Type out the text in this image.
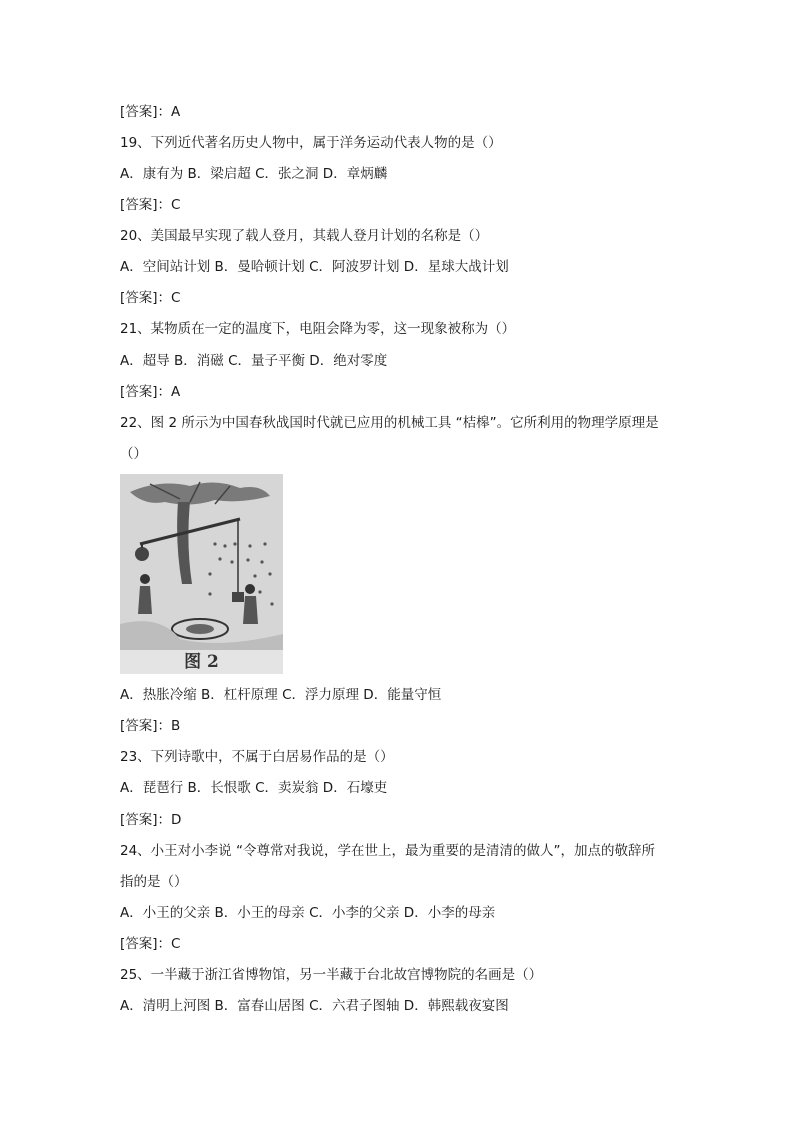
[答案]：A
19、下列近代著名历史人物中，属于洋务运动代表人物的是（）
A．康有为 B．梁启超 C．张之洞 D．章炳麟
[答案]：C
20、美国最早实现了载人登月，其载人登月计划的名称是（）
A．空间站计划 B．曼哈顿计划 C．阿波罗计划 D．星球大战计划
[答案]：C
21、某物质在一定的温度下，电阻会降为零，这一现象被称为（）
A．超导 B．消磁 C．量子平衡 D．绝对零度
[答案]：A
22、图 2 所示为中国春秋战国时代就已应用的机械工具 “桔槔”。它所利用的物理学原理是
（）
图 2
A．热胀冷缩 B．杠杆原理 C．浮力原理 D．能量守恒
[答案]：B
23、下列诗歌中，不属于白居易作品的是（）
A．琵琶行 B．长恨歌 C．卖炭翁 D．石壕吏
[答案]：D
24、小王对小李说 “令尊常对我说，学在世上，最为重要的是清清的做人”，加点的敬辞所
指的是（）
A．小王的父亲 B．小王的母亲 C．小李的父亲 D．小李的母亲
[答案]：C
25、一半藏于浙江省博物馆，另一半藏于台北故宫博物院的名画是（）
A．清明上河图 B．富春山居图 C．六君子图轴 D．韩熙载夜宴图
